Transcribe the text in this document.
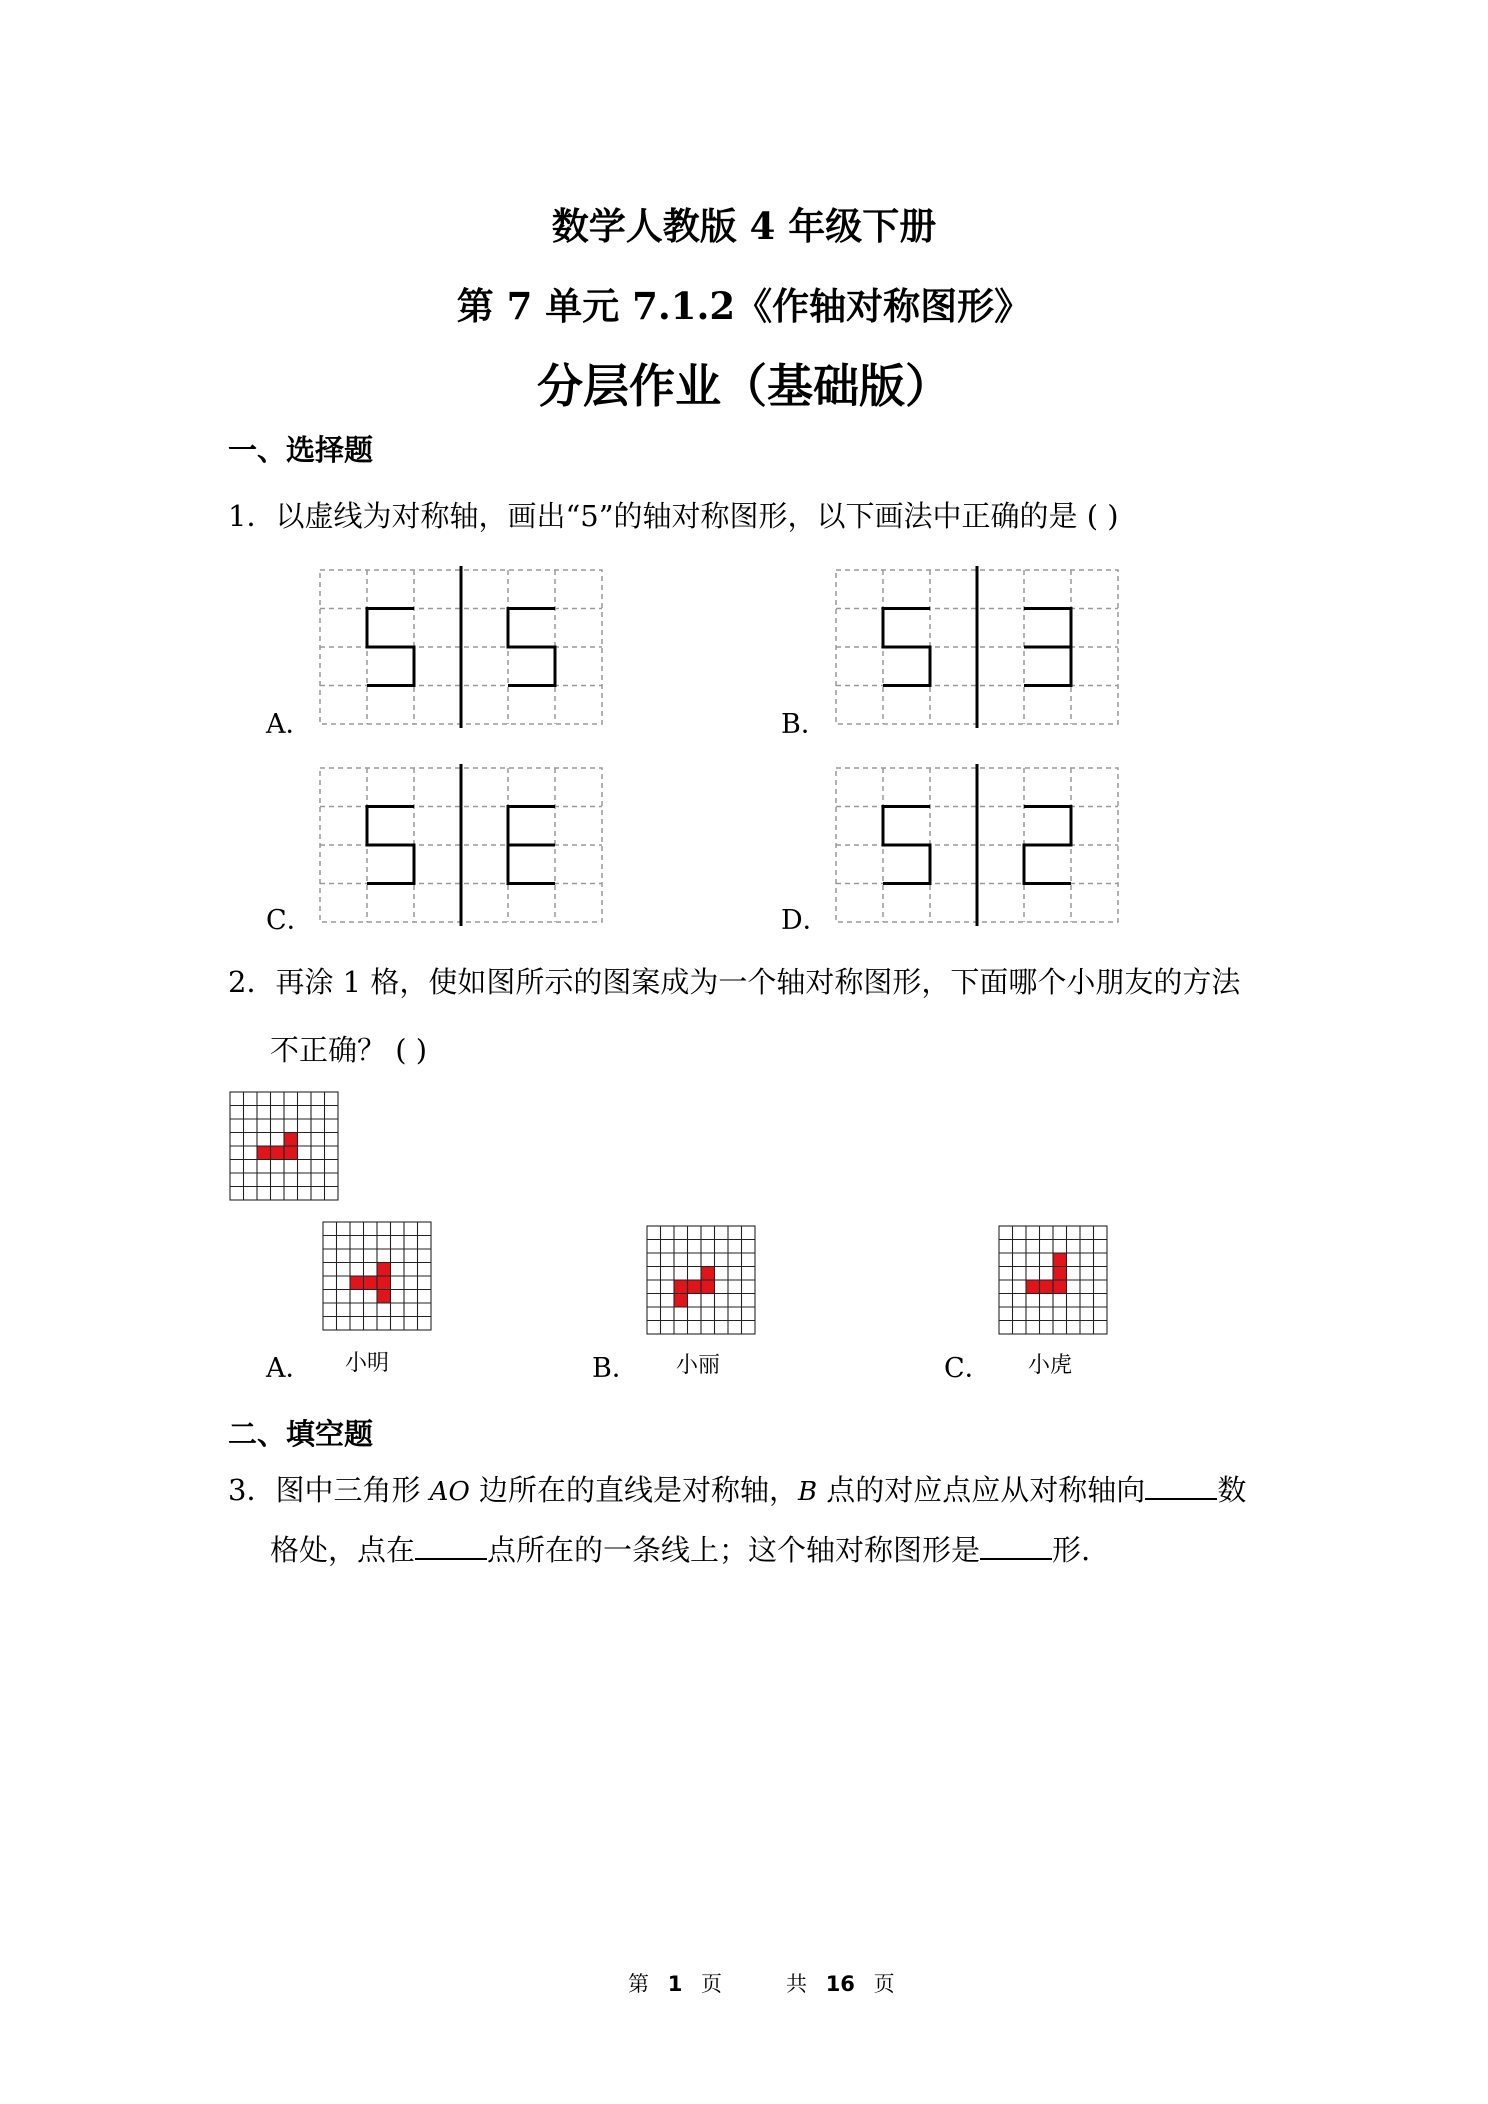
数学人教版 4 年级下册
第 7 单元 7.1.2《作轴对称图形》
分层作业（基础版）
一、选择题
1．以虚线为对称轴，画出“5”的轴对称图形，以下画法中正确的是 ( )
A．	B．
C．	D．
2．再涂 1 格，使如图所示的图案成为一个轴对称图形，下面哪个小朋友的方法
不正确？ ( )
A． 小明	B． 小丽	C． 小虎
二、填空题
3．图中三角形 AO 边所在的直线是对称轴，B 点的对应点应从对称轴向 数
格处，点在 点所在的一条线上；这个轴对称图形是 形.
第 1 页	共 16 页
